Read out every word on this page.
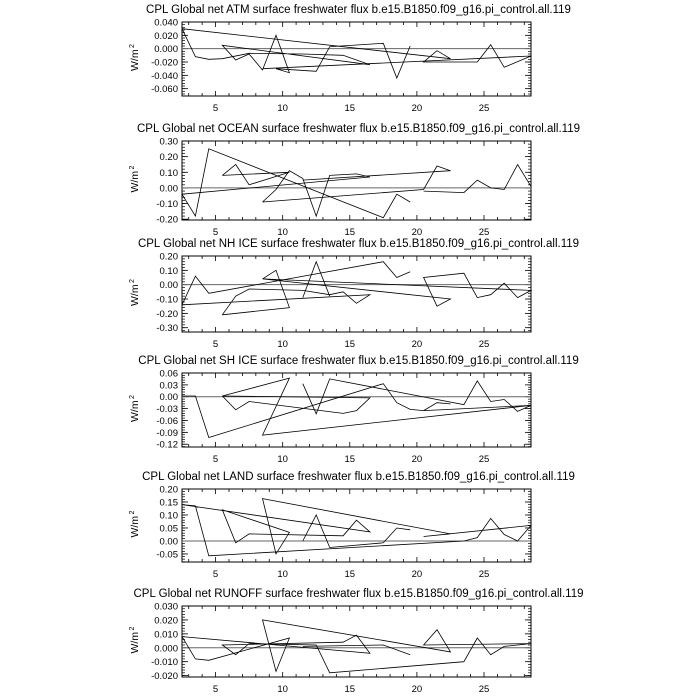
CPL Global net ATM surface freshwater flux b.e15.B1850.f09_g16.pi_control.all.119
5	10	15	20	25
0.040
0.020
0.000
-0.020
-0.040
-0.060
W/m
2
CPL Global net OCEAN surface freshwater flux b.e15.B1850.f09_g16.pi_control.all.119
5	10	15	20	25
0.30
0.20
0.10
0.00
-0.10
-0.20
W/m
2
CPL Global net NH ICE surface freshwater flux b.e15.B1850.f09_g16.pi_control.all.119
5	10	15	20	25
0.20
0.10
0.00
-0.10
-0.20
-0.30
W/m
2
CPL Global net SH ICE surface freshwater flux b.e15.B1850.f09_g16.pi_control.all.119
5	10	15	20	25
0.06
0.03
0.00
-0.03
-0.06
-0.09
-0.12
W/m
2
CPL Global net LAND surface freshwater flux b.e15.B1850.f09_g16.pi_control.all.119
5	10	15	20	25
0.20
0.15
0.10
0.05
0.00
-0.05
W/m
2
CPL Global net RUNOFF surface freshwater flux b.e15.B1850.f09_g16.pi_control.all.119
5	10	15	20	25
0.030
0.020
0.010
0.000
-0.010
-0.020
W/m
2
